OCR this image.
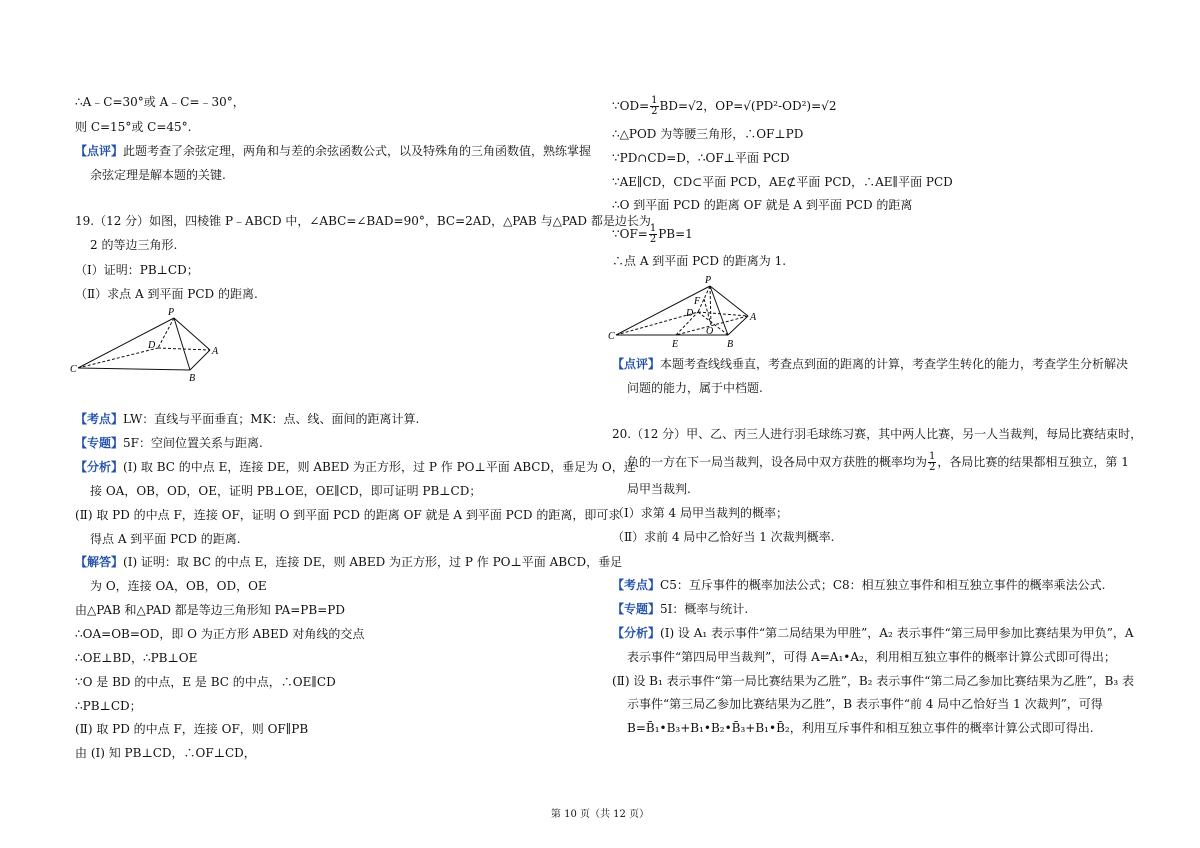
∴A﹣C=30°或 A﹣C=﹣30°，
则 C=15°或 C=45°.
【点评】此题考查了余弦定理，两角和与差的余弦函数公式，以及特殊角的三角函数值，熟练掌握
余弦定理是解本题的关键.
19.（12 分）如图，四棱锥 P﹣ABCD 中，∠ABC=∠BAD=90°，BC=2AD，△PAB 与△PAD 都是边长为
2 的等边三角形.
（Ⅰ）证明：PB⊥CD；
（Ⅱ）求点 A 到平面 PCD 的距离.
P
D
A
C
B
【考点】LW：直线与平面垂直；MK：点、线、面间的距离计算.
【专题】5F：空间位置关系与距离.
【分析】(Ⅰ) 取 BC 的中点 E，连接 DE，则 ABED 为正方形，过 P 作 PO⊥平面 ABCD，垂足为 O，连
接 OA，OB，OD，OE，证明 PB⊥OE，OE∥CD，即可证明 PB⊥CD；
(Ⅱ) 取 PD 的中点 F，连接 OF，证明 O 到平面 PCD 的距离 OF 就是 A 到平面 PCD 的距离，即可求
得点 A 到平面 PCD 的距离.
【解答】(Ⅰ) 证明：取 BC 的中点 E，连接 DE，则 ABED 为正方形，过 P 作 PO⊥平面 ABCD，垂足
为 O，连接 OA，OB，OD，OE
由△PAB 和△PAD 都是等边三角形知 PA=PB=PD
∴OA=OB=OD，即 O 为正方形 ABED 对角线的交点
∴OE⊥BD，∴PB⊥OE
∵O 是 BD 的中点，E 是 BC 的中点，∴OE∥CD
∴PB⊥CD；
(Ⅱ) 取 PD 的中点 F，连接 OF，则 OF∥PB
由 (Ⅰ) 知 PB⊥CD，∴OF⊥CD，
∵OD= $\frac{1}{2} BD=√2$，OP=√(PD²-OD²)=√2
∴△POD 为等腰三角形，∴OF⊥PD
∵PD∩CD=D，∴OF⊥平面 PCD
∵AE∥CD，CD⊂平面 PCD，AE⊄平面 PCD，∴AE∥平面 PCD
∴O 到平面 PCD 的距离 OF 就是 A 到平面 PCD 的距离
∵OF= $\frac{1}{2} PB=1$
∴点 A 到平面 PCD 的距离为 1.
P
F
D
O
A
C
E	B
【点评】本题考查线线垂直，考查点到面的距离的计算，考查学生转化的能力，考查学生分析解决
问题的能力，属于中档题.
20.（12 分）甲、乙、丙三人进行羽毛球练习赛，其中两人比赛，另一人当裁判，每局比赛结束时，
负的一方在下一局当裁判，设各局中双方获胜的概率均为 $\frac{1}{2}$ ，各局比赛的结果都相互独立，第 1
局甲当裁判.
（Ⅰ）求第 4 局甲当裁判的概率；
（Ⅱ）求前 4 局中乙恰好当 1 次裁判概率.
【考点】C5：互斥事件的概率加法公式；C8：相互独立事件和相互独立事件的概率乘法公式.
【专题】5I：概率与统计.
【分析】(Ⅰ) 设 A₁ 表示事件“第二局结果为甲胜”，A₂ 表示事件“第三局甲参加比赛结果为甲负”，A
表示事件“第四局甲当裁判”，可得 A=A₁•A₂，利用相互独立事件的概率计算公式即可得出；
(Ⅱ) 设 B₁ 表示事件“第一局比赛结果为乙胜”，B₂ 表示事件“第二局乙参加比赛结果为乙胜”，B₃ 表
示事件“第三局乙参加比赛结果为乙胜”，B 表示事件“前 4 局中乙恰好当 1 次裁判”，可得
B=B̄₁•B₃+B₁•B₂•B̄₃+B₁•B̄₂，利用互斥事件和相互独立事件的概率计算公式即可得出.
第 10 页（共 12 页）
